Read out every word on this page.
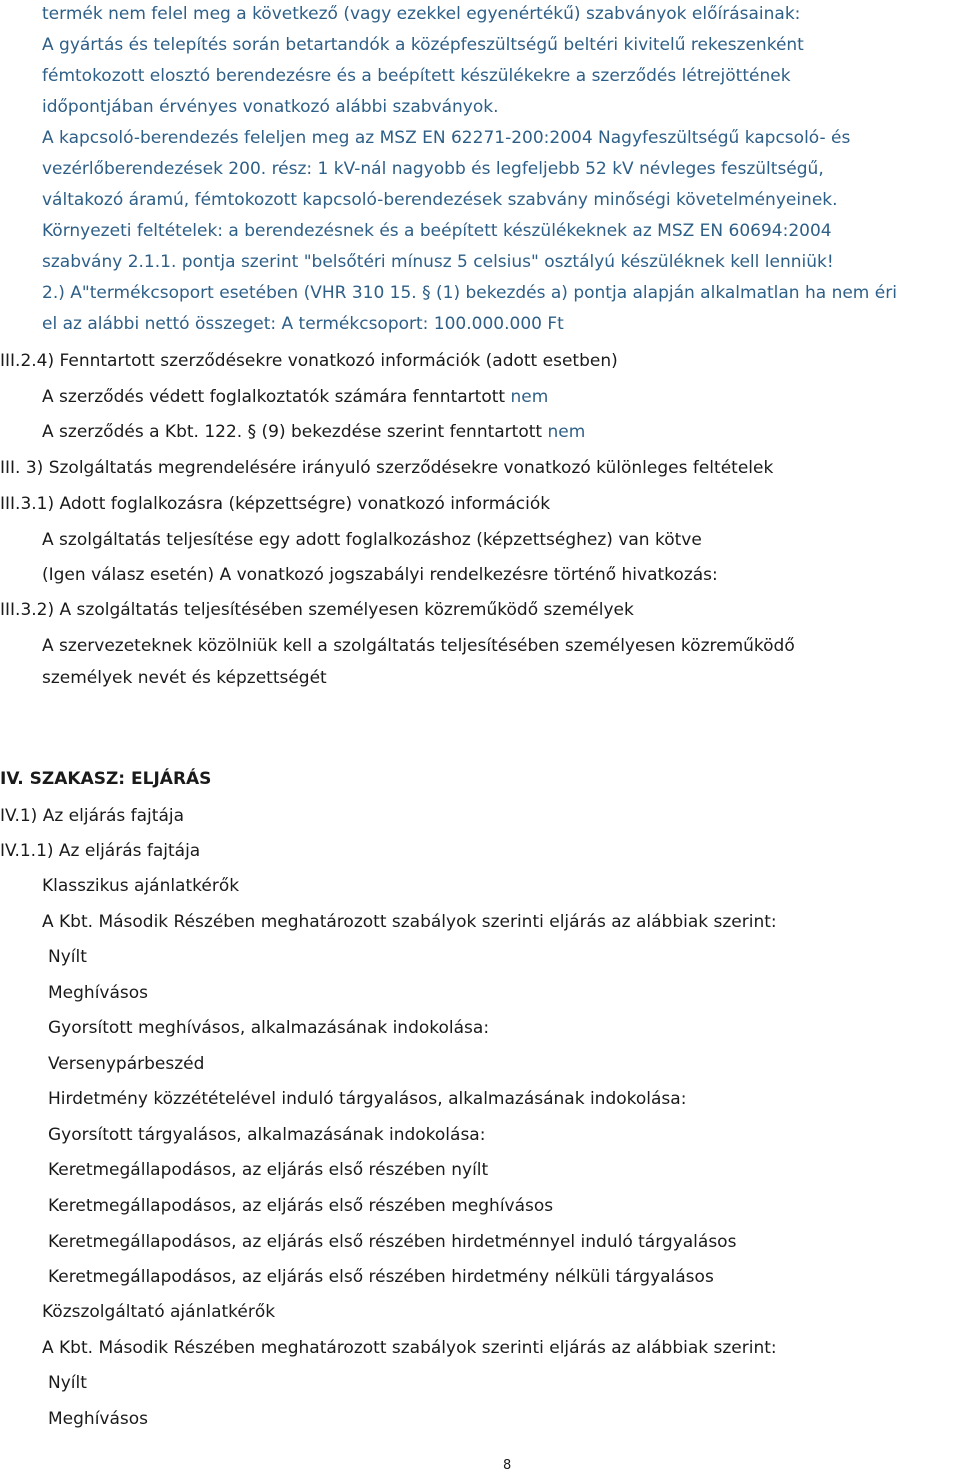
termék nem felel meg a következő (vagy ezekkel egyenértékű) szabványok előírásainak:
A gyártás és telepítés során betartandók a középfeszültségű beltéri kivitelű rekeszenként
fémtokozott elosztó berendezésre és a beépített készülékekre a szerződés létrejöttének
időpontjában érvényes vonatkozó alábbi szabványok.
A kapcsoló-berendezés feleljen meg az MSZ EN 62271-200:2004 Nagyfeszültségű kapcsoló- és
vezérlőberendezések 200. rész: 1 kV-nál nagyobb és legfeljebb 52 kV névleges feszültségű,
váltakozó áramú, fémtokozott kapcsoló-berendezések szabvány minőségi követelményeinek.
Környezeti feltételek: a berendezésnek és a beépített készülékeknek az MSZ EN 60694:2004
szabvány 2.1.1. pontja szerint "belsőtéri mínusz 5 celsius" osztályú készüléknek kell lenniük!
2.) A"termékcsoport esetében (VHR 310 15. § (1) bekezdés a) pontja alapján alkalmatlan ha nem éri
el az alábbi nettó összeget: A termékcsoport: 100.000.000 Ft
III.2.4) Fenntartott szerződésekre vonatkozó információk (adott esetben)
A szerződés védett foglalkoztatók számára fenntartott nem
A szerződés a Kbt. 122. § (9) bekezdése szerint fenntartott nem
III. 3) Szolgáltatás megrendelésére irányuló szerződésekre vonatkozó különleges feltételek
III.3.1) Adott foglalkozásra (képzettségre) vonatkozó információk
A szolgáltatás teljesítése egy adott foglalkozáshoz (képzettséghez) van kötve
(Igen válasz esetén) A vonatkozó jogszabályi rendelkezésre történő hivatkozás:
III.3.2) A szolgáltatás teljesítésében személyesen közreműködő személyek
A szervezeteknek közölniük kell a szolgáltatás teljesítésében személyesen közreműködő
személyek nevét és képzettségét
IV. SZAKASZ: ELJÁRÁS
IV.1) Az eljárás fajtája
IV.1.1) Az eljárás fajtája
Klasszikus ajánlatkérők
A Kbt. Második Részében meghatározott szabályok szerinti eljárás az alábbiak szerint:
Nyílt
Meghívásos
Gyorsított meghívásos, alkalmazásának indokolása:
Versenypárbeszéd
Hirdetmény közzétételével induló tárgyalásos, alkalmazásának indokolása:
Gyorsított tárgyalásos, alkalmazásának indokolása:
Keretmegállapodásos, az eljárás első részében nyílt
Keretmegállapodásos, az eljárás első részében meghívásos
Keretmegállapodásos, az eljárás első részében hirdetménnyel induló tárgyalásos
Keretmegállapodásos, az eljárás első részében hirdetmény nélküli tárgyalásos
Közszolgáltató ajánlatkérők
A Kbt. Második Részében meghatározott szabályok szerinti eljárás az alábbiak szerint:
Nyílt
Meghívásos
8
